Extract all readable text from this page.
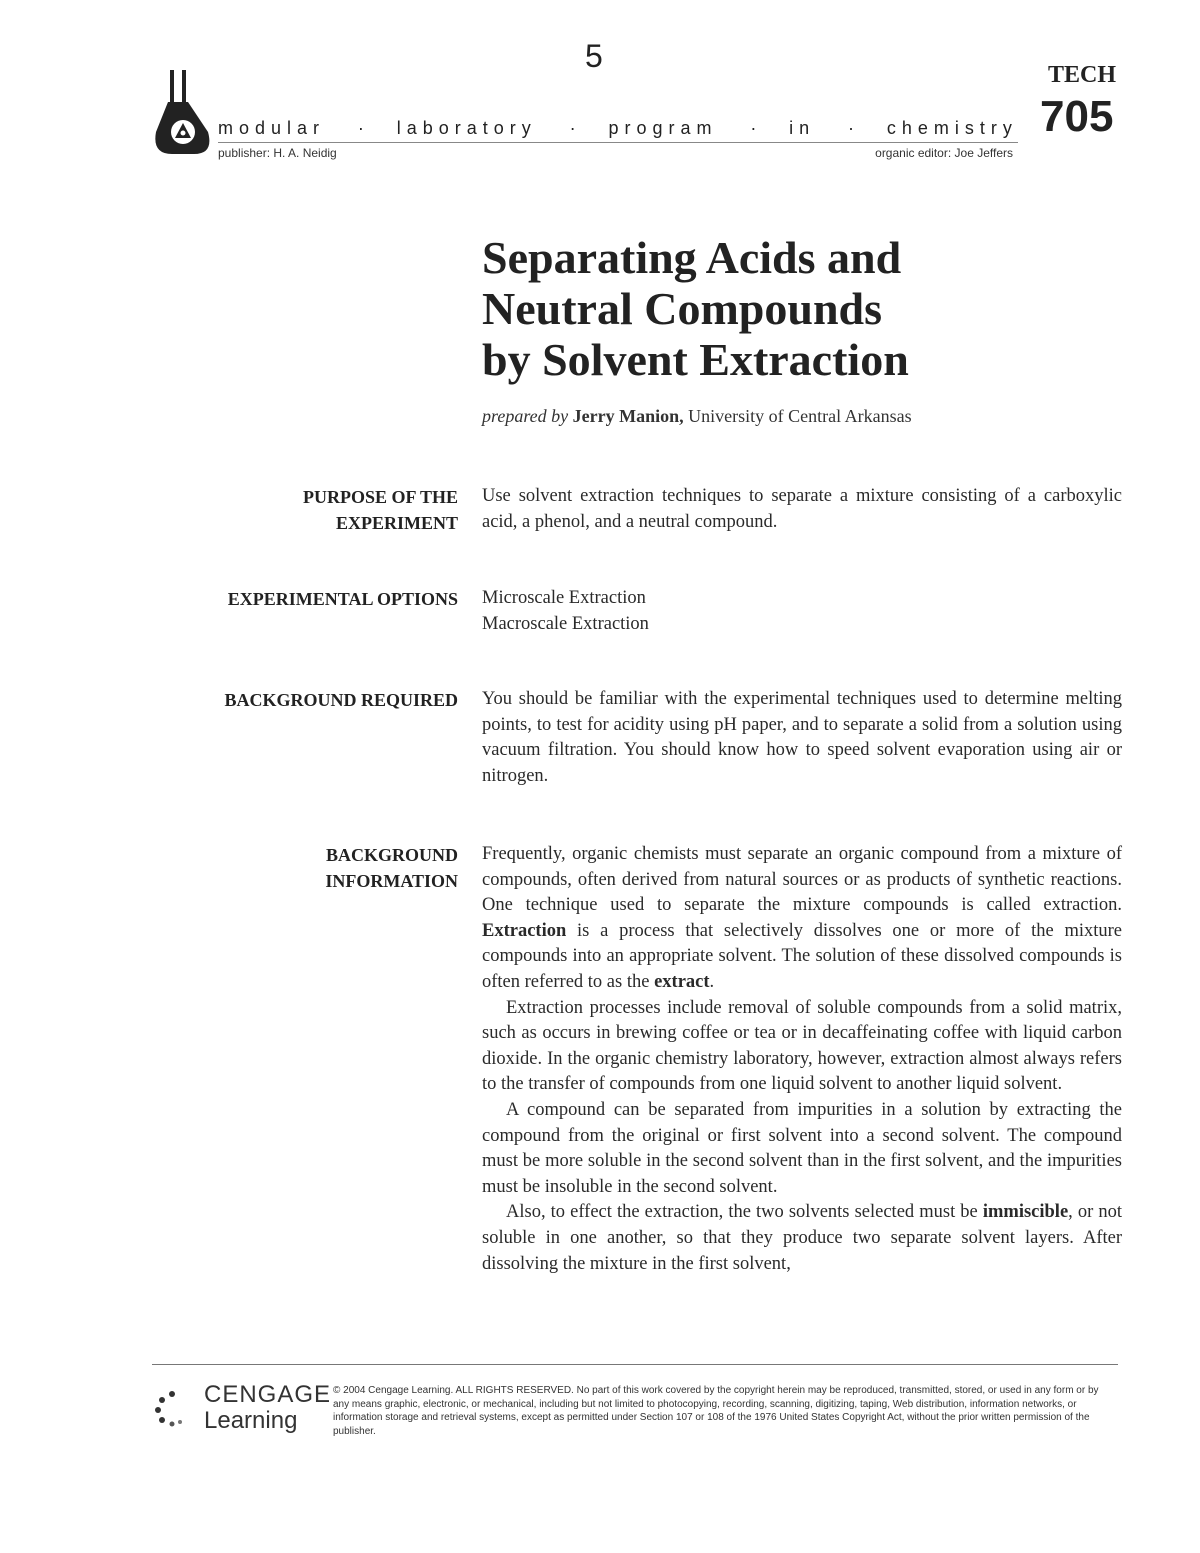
5
modular · laboratory · program · in · chemistry
publisher: H. A. Neidig	organic editor: Joe Jeffers
TECH
705
Separating Acids and
Neutral Compounds
by Solvent Extraction
prepared by Jerry Manion, University of Central Arkansas
PURPOSE OF THE
EXPERIMENT

Use solvent extraction techniques to separate a mixture consisting of a carboxylic acid, a phenol, and a neutral compound.

EXPERIMENTAL OPTIONS Microscale Extraction
Macroscale Extraction
BACKGROUND REQUIRED You should be familiar with the experimental techniques used to determine melting points, to test for acidity using pH paper, and to separate a solid from a solution using vacuum filtration. You should know how to speed solvent evaporation using air or nitrogen.

BACKGROUND
INFORMATION

Frequently, organic chemists must separate an organic compound from a mixture of compounds, often derived from natural sources or as products of synthetic reactions. One technique used to separate the mixture compounds is called extraction. Extraction is a process that selectively dissolves one or more of the mixture compounds into an appropriate solvent. The solution of these dissolved compounds is often referred to as the extract.

Extraction processes include removal of soluble compounds from a solid matrix, such as occurs in brewing coffee or tea or in decaffeinating coffee with liquid carbon dioxide. In the organic chemistry laboratory, however, extraction almost always refers to the transfer of compounds from one liquid solvent to another liquid solvent.

A compound can be separated from impurities in a solution by extracting the compound from the original or first solvent into a second solvent. The compound must be more soluble in the second solvent than in the first solvent, and the impurities must be insoluble in the second solvent.

Also, to effect the extraction, the two solvents selected must be immiscible, or not soluble in one another, so that they produce two separate solvent layers. After dissolving the mixture in the first solvent,

CENGAGE
Learning
© 2004 Cengage Learning. ALL RIGHTS RESERVED. No part of this work covered by the copyright herein may be reproduced, transmitted, stored, or used in any form or by any means graphic, electronic, or mechanical, including but not limited to photocopying, recording, scanning, digitizing, taping, Web distribution, information networks, or information storage and retrieval systems, except as permitted under Section 107 or 108 of the 1976 United States Copyright Act, without the prior written permission of the publisher.
